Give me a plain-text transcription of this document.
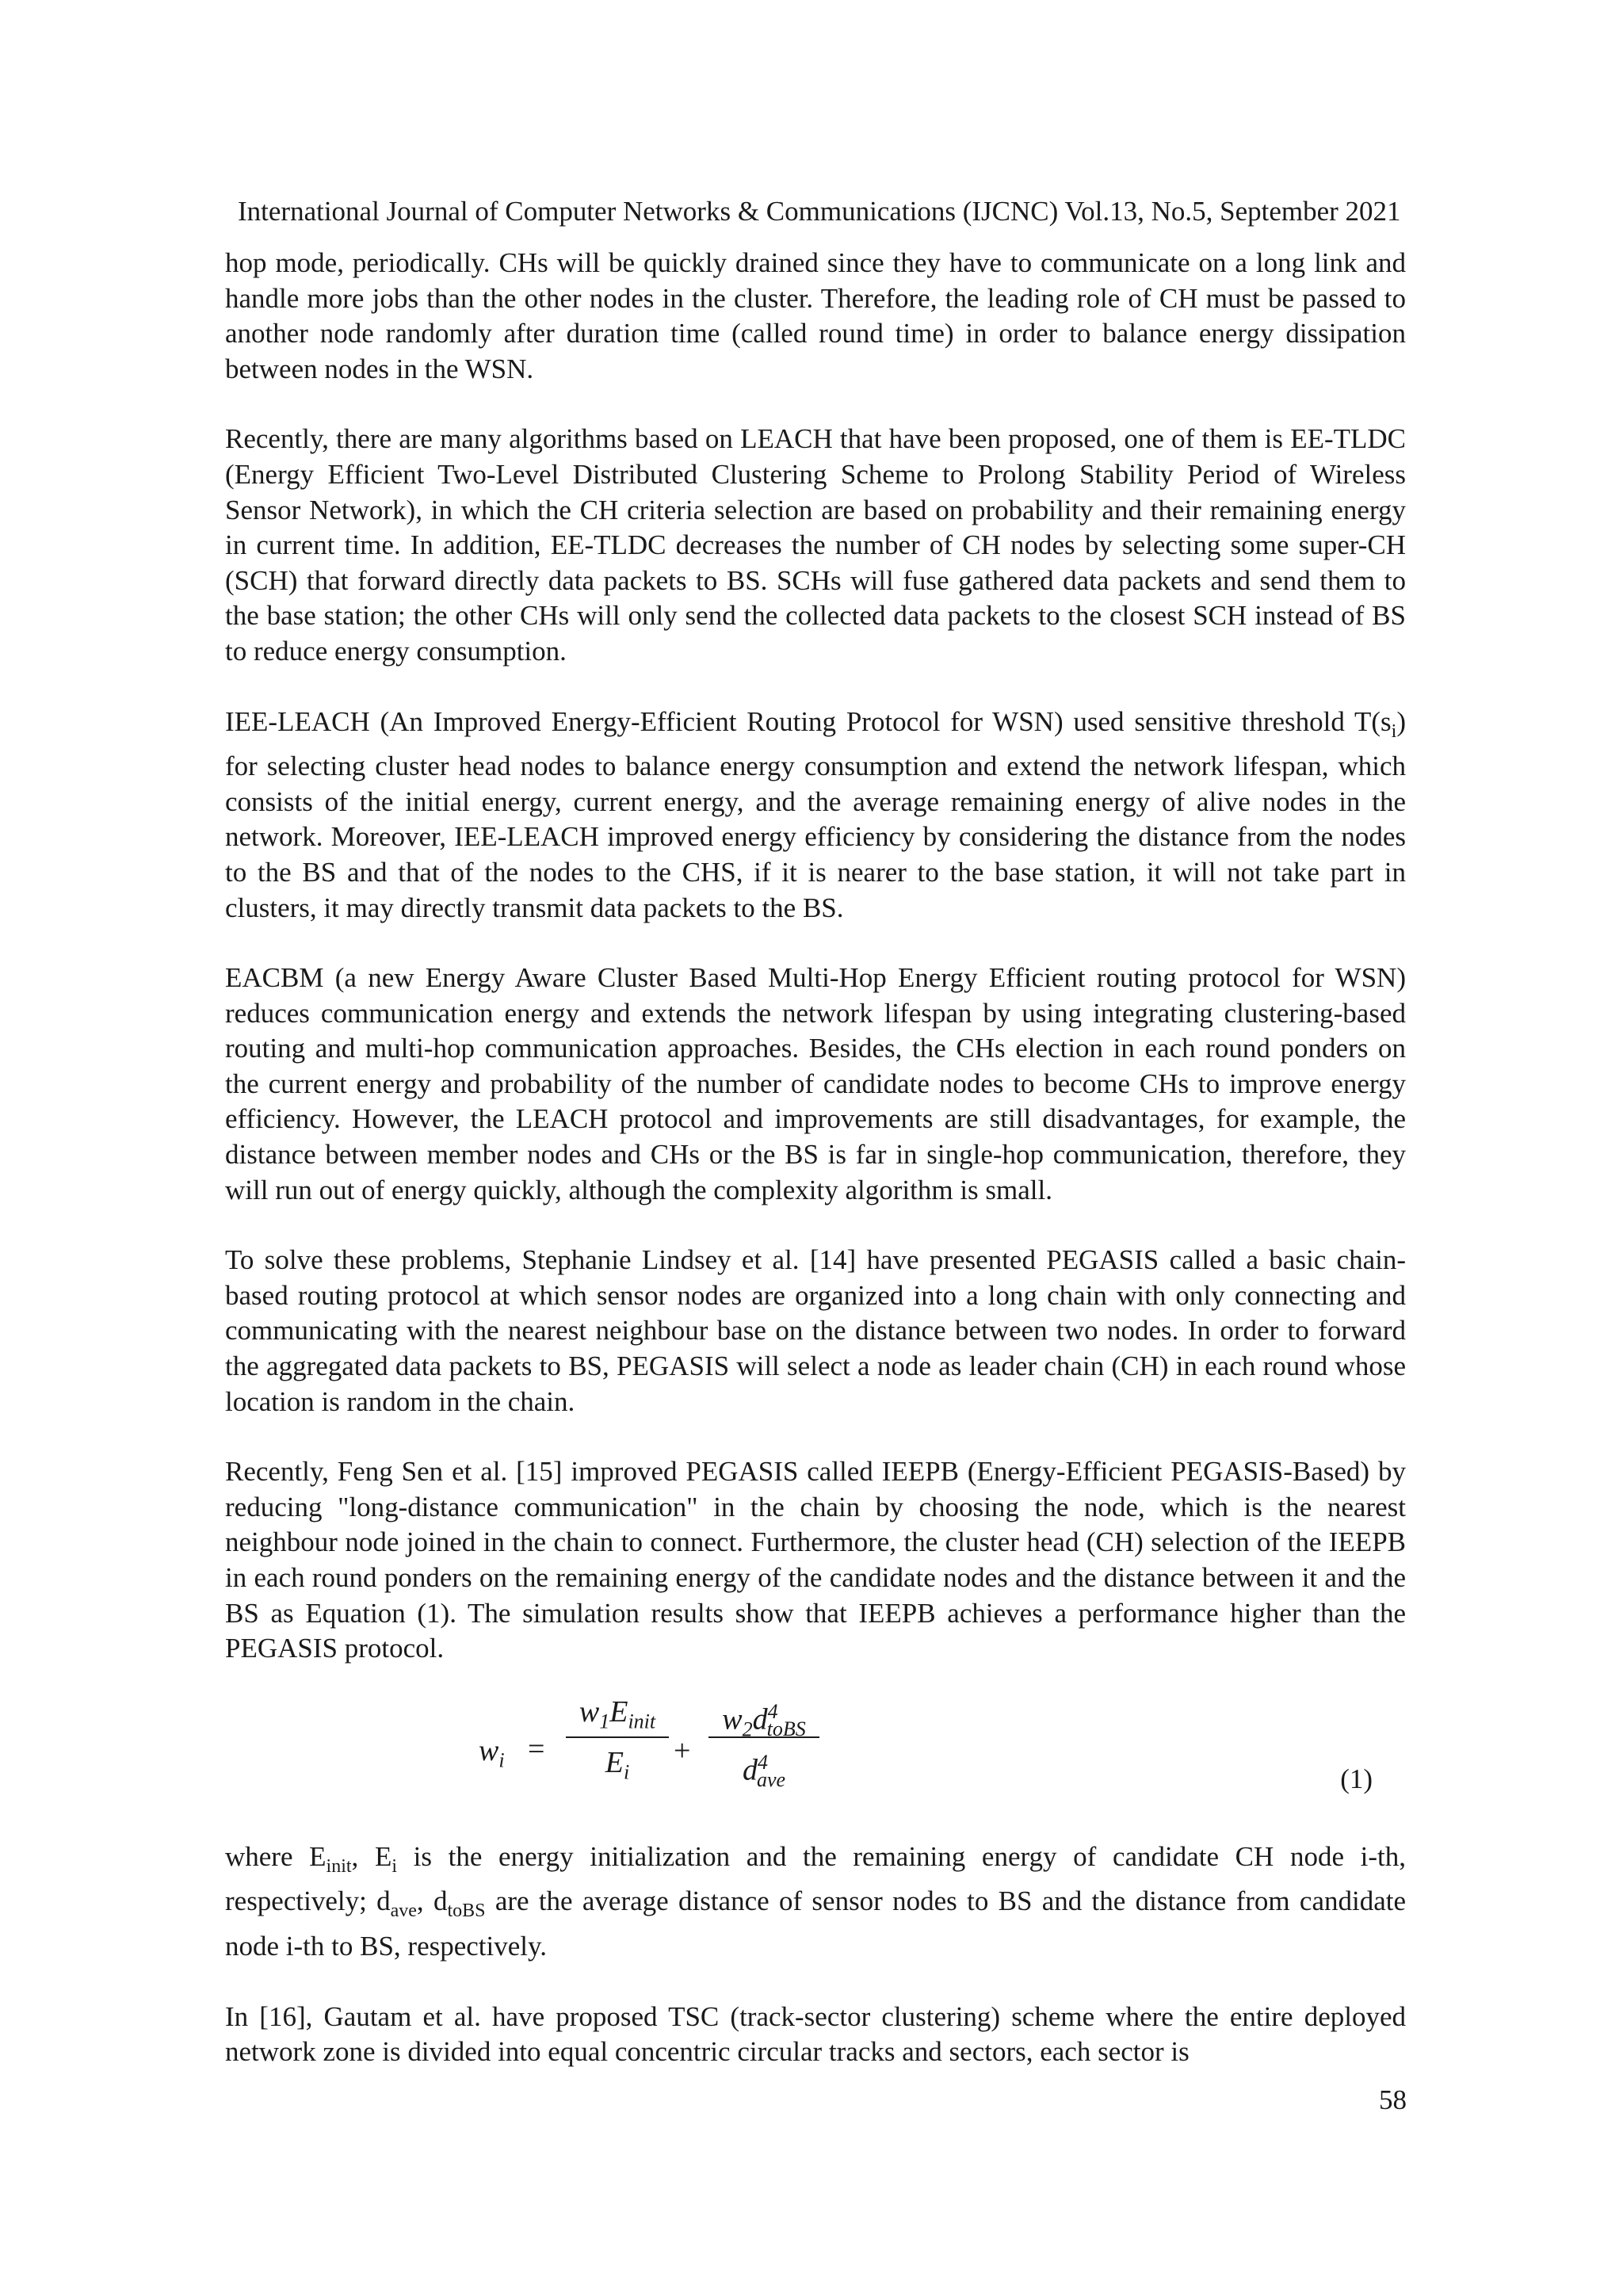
International Journal of Computer Networks & Communications (IJCNC) Vol.13, No.5, September 2021

hop mode, periodically. CHs will be quickly drained since they have to communicate on a long link and handle more jobs than the other nodes in the cluster. Therefore, the leading role of CH must be passed to another node randomly after duration time (called round time) in order to balance energy dissipation between nodes in the WSN.

Recently, there are many algorithms based on LEACH that have been proposed, one of them is EE-TLDC (Energy Efficient Two-Level Distributed Clustering Scheme to Prolong Stability Period of Wireless Sensor Network), in which the CH criteria selection are based on probability and their remaining energy in current time. In addition, EE-TLDC decreases the number of CH nodes by selecting some super-CH (SCH) that forward directly data packets to BS. SCHs will fuse gathered data packets and send them to the base station; the other CHs will only send the collected data packets to the closest SCH instead of BS to reduce energy consumption.

IEE-LEACH (An Improved Energy-Efficient Routing Protocol for WSN) used sensitive threshold $T(s_i)$ for selecting cluster head nodes to balance energy consumption and extend the network lifespan, which consists of the initial energy, current energy, and the average remaining energy of alive nodes in the network. Moreover, IEE-LEACH improved energy efficiency by considering the distance from the nodes to the BS and that of the nodes to the CHS, if it is nearer to the base station, it will not take part in clusters, it may directly transmit data packets to the BS.

EACBM (a new Energy Aware Cluster Based Multi-Hop Energy Efficient routing protocol for WSN) reduces communication energy and extends the network lifespan by using integrating clustering-based routing and multi-hop communication approaches. Besides, the CHs election in each round ponders on the current energy and probability of the number of candidate nodes to become CHs to improve energy efficiency. However, the LEACH protocol and improvements are still disadvantages, for example, the distance between member nodes and CHs or the BS is far in single-hop communication, therefore, they will run out of energy quickly, although the complexity algorithm is small.

To solve these problems, Stephanie Lindsey et al. [14] have presented PEGASIS called a basic chain-based routing protocol at which sensor nodes are organized into a long chain with only connecting and communicating with the nearest neighbour base on the distance between two nodes. In order to forward the aggregated data packets to BS, PEGASIS will select a node as leader chain (CH) in each round whose location is random in the chain.

Recently, Feng Sen et al. [15] improved PEGASIS called IEEPB (Energy-Efficient PEGASIS-Based) by reducing "long-distance communication" in the chain by choosing the node, which is the nearest neighbour node joined in the chain to connect. Furthermore, the cluster head (CH) selection of the IEEPB in each round ponders on the remaining energy of the candidate nodes and the distance between it and the BS as Equation (1). The simulation results show that IEEPB achieves a performance higher than the PEGASIS protocol.

$w_i$ =
$w_1E_{init}$
$E_i$
+
$w_2d^4_{toBS}$
$d^4_{ave}$	(1)

where $E_{init}$, $E_i$ is the energy initialization and the remaining energy of candidate CH node i-th, respectively; $d_{ave}$, $d_{toBS}$ are the average distance of sensor nodes to BS and the distance from candidate node i-th to BS, respectively.

In [16], Gautam et al. have proposed TSC (track-sector clustering) scheme where the entire deployed network zone is divided into equal concentric circular tracks and sectors, each sector is

58
